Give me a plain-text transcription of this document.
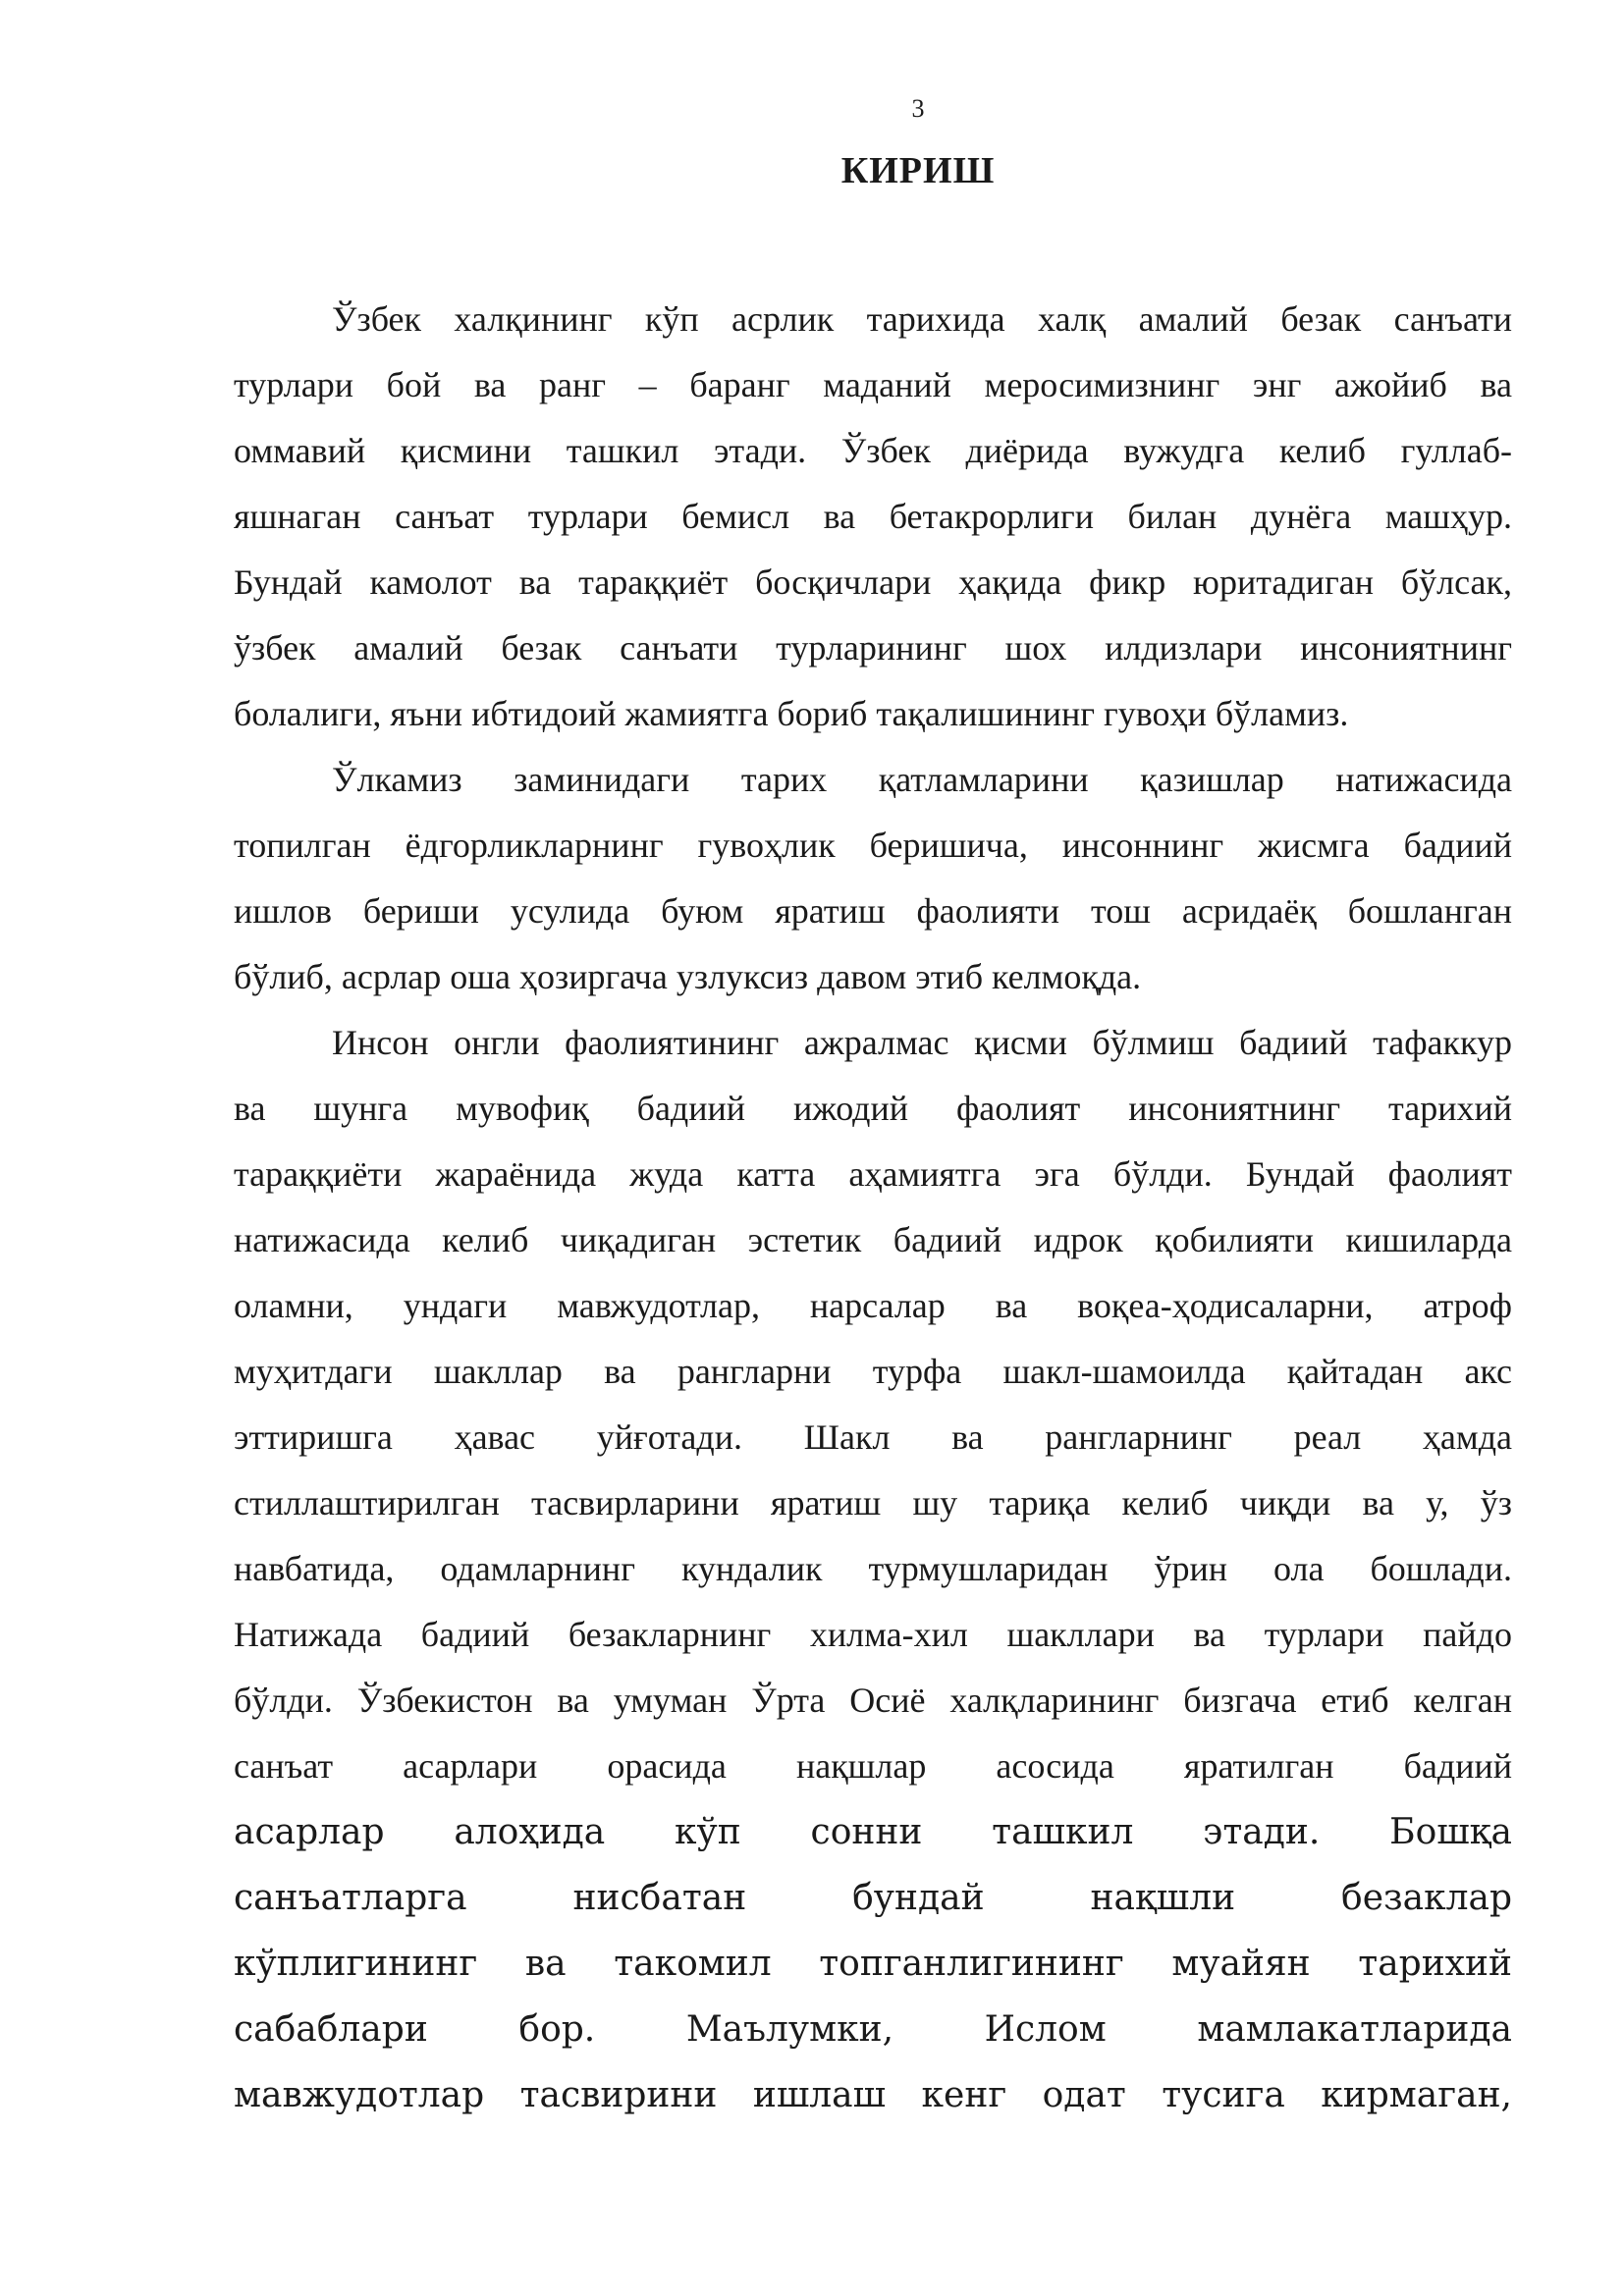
3
КИРИШ
Ўзбек халқининг кўп асрлик тарихида халқ амалий безак санъати
турлари бой ва ранг – баранг маданий меросимизнинг энг ажойиб ва
оммавий қисмини ташкил этади. Ўзбек диёрида вужудга келиб гуллаб-
яшнаган санъат турлари бемисл ва бетакрорлиги билан дунёга машҳур.
Бундай камолот ва тараққиёт босқичлари ҳақида фикр юритадиган бўлсак,
ўзбек амалий безак санъати турларининг шох илдизлари инсониятнинг
болалиги, яъни ибтидоий жамиятга бориб тақалишининг гувоҳи бўламиз.
Ўлкамиз заминидаги тарих қатламларини қазишлар натижасида
топилган ёдгорликларнинг гувоҳлик беришича, инсоннинг жисмга бадиий
ишлов бериши усулида буюм яратиш фаолияти тош асридаёқ бошланган
бўлиб, асрлар оша ҳозиргача узлуксиз давом этиб келмоқда.
Инсон онгли фаолиятининг ажралмас қисми бўлмиш бадиий тафаккур
ва шунга мувофиқ бадиий ижодий фаолият инсониятнинг тарихий
тараққиёти жараёнида жуда катта аҳамиятга эга бўлди. Бундай фаолият
натижасида келиб чиқадиган эстетик бадиий идрок қобилияти кишиларда
оламни, ундаги мавжудотлар, нарсалар ва воқеа-ҳодисаларни, атроф
муҳитдаги шакллар ва рангларни турфа шакл-шамоилда қайтадан акс
эттиришга ҳавас уйғотади. Шакл ва рангларнинг реал ҳамда
стиллаштирилган тасвирларини яратиш шу тариқа келиб чиқди ва у, ўз
навбатида, одамларнинг кундалик турмушларидан ўрин ола бошлади.
Натижада бадиий безакларнинг хилма-хил шакллари ва турлари пайдо
бўлди. Ўзбекистон ва умуман Ўрта Осиё халқларининг бизгача етиб келган
санъат асарлари орасида нақшлар асосида яратилган бадиий
асарлар алоҳида кўп сонни ташкил этади. Бошқа
санъатларга нисбатан бундай нақшли безаклар
кўплигининг ва такомил топганлигининг муайян тарихий
сабаблари бор. Маълумки, Ислом мамлакатларида
мавжудотлар тасвирини ишлаш кенг одат тусига кирмаган,
